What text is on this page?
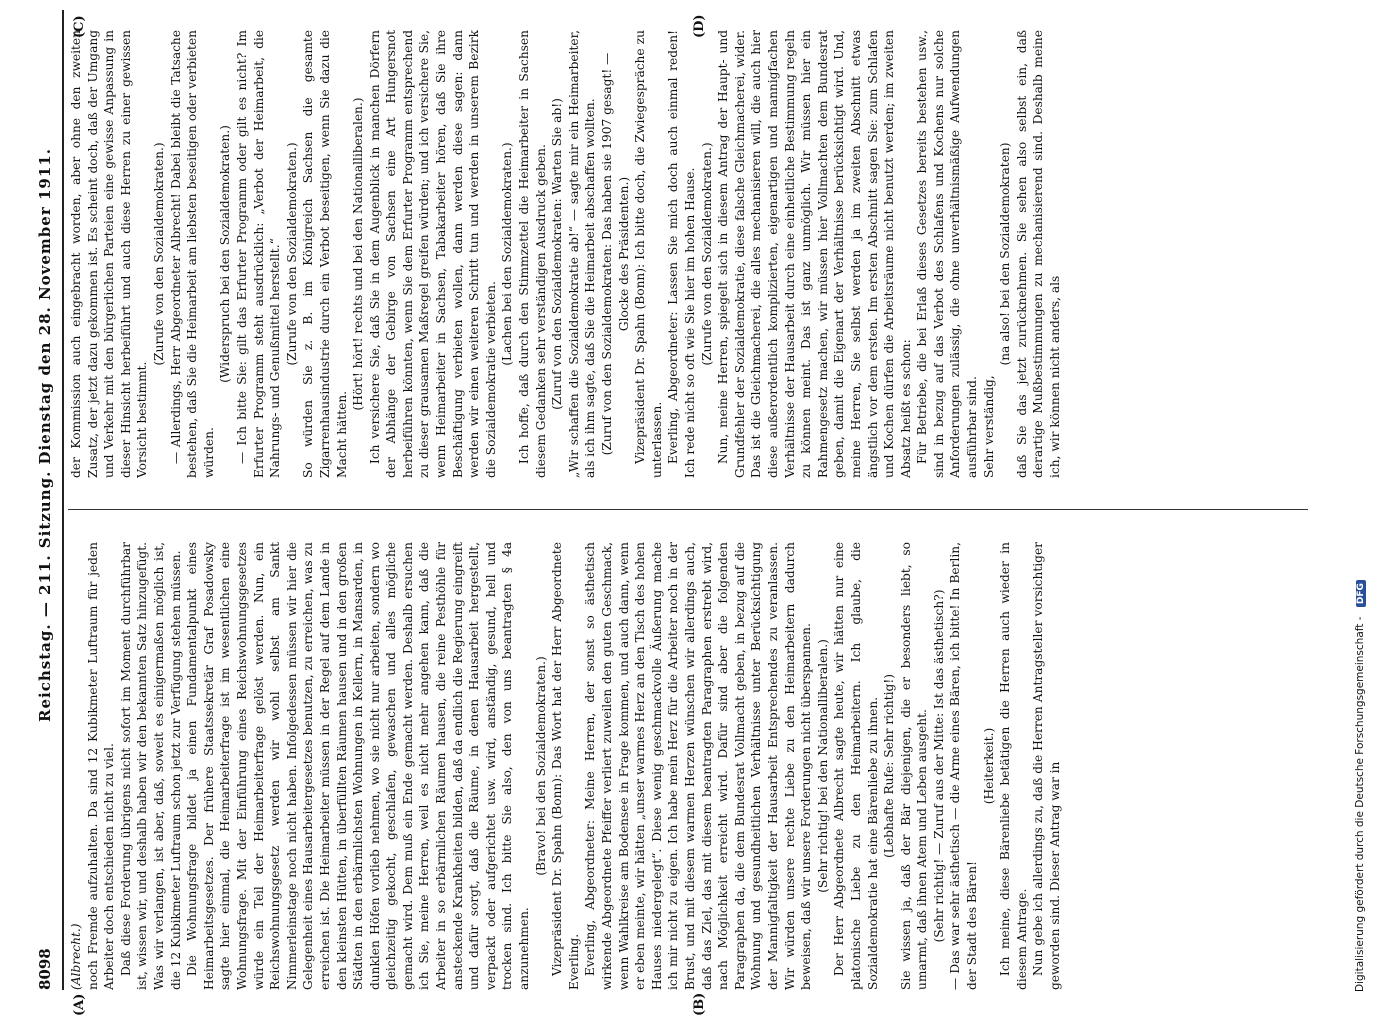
8098
Reichstag. — 211. Sitzung. Dienstag den 28. November 1911.

(Albrecht.) noch Fremde aufzuhalten. Da sind 12 Kubikmeter Luftraum für jeden Arbeiter doch entschieden nicht zu viel. Daß diese Forderung übrigens nicht sofort im Moment durchführbar ist, wissen wir, und deshalb haben wir den bekannten Satz hinzugefügt. Was wir verlangen, ist aber, daß, soweit es einigermaßen möglich ist, die 12 Kubikmeter Luftraum schon jetzt zur Verfügung stehen müssen. Die Wohnungsfrage bildet ja einen Fundamentalpunkt eines Heimarbeitsgesetzes. Der frühere Staatssekretär Graf Posadowsky sagte hier einmal, die Heimarbeiterfrage ist im wesentlichen eine Wohnungsfrage. Mit der Einführung eines Reichswohnungsgesetzes würde ein Teil der Heimarbeiterfrage gelöst werden. Nun, ein Reichswohnungsgesetz werden wir wohl selbst am Sankt Nimmerleinstage noch nicht haben. Infolgedessen müssen wir hier die Gelegenheit eines Hausarbeitergesetzes benutzen, zu erreichen, was zu erreichen ist. Die Heimarbeiter müssen in der Regel auf dem Lande in den kleinsten Hütten, in überfüllten Räumen hausen und in den großen Städten in den erbärmlichsten Wohnungen in Kellern, in Mansarden, in dunklen Höfen vorlieb nehmen, wo sie nicht nur arbeiten, sondern wo gleichzeitig gekocht, geschlafen, gewaschen und alles mögliche gemacht wird. Dem muß ein Ende gemacht werden. Deshalb ersuchen ich Sie, meine Herren, weil es nicht mehr angehen kann, daß die Arbeiter in so erbärmlichen Räumen hausen, die reine Pesthöhle für ansteckende Krankheiten bilden, daß da endlich die Regierung eingreift und dafür sorgt, daß die Räume, in denen Hausarbeit hergestellt, verpackt oder aufgerichtet usw. wird, anständig, gesund, hell und trocken sind. Ich bitte Sie also, den von uns beantragten § 4a anzunehmen.

(Bravo! bei den Sozialdemokraten.) Vizepräsident Dr. Spahn (Bonn): Das Wort hat der Herr Abgeordnete Everling. Everling, Abgeordneter: Meine Herren, der sonst so ästhetisch wirkende Abgeordnete Pfeiffer verliert zuweilen den guten Geschmack, wenn Wahlkreise am Bodensee in Frage kommen, und auch dann, wenn er eben meinte, wir hätten „unser warmes Herz an den Tisch des hohen Hauses niedergelegt“. Diese wenig geschmackvolle Äußerung mache ich mir nicht zu eigen. Ich habe mein Herz für die Arbeiter noch in der Brust, und mit diesem warmen Herzen wünschen wir allerdings auch, daß das Ziel, das mit diesem beantragten Paragraphen erstrebt wird, nach Möglichkeit erreicht wird. Dafür sind aber die folgenden Paragraphen da, die dem Bundesrat Vollmacht geben, in bezug auf die Wohnung und gesundheitlichen Verhältnisse unter Berücksichtigung der Mannigfaltigkeit der Hausarbeit Entsprechendes zu veranlassen. Wir würden unsere rechte Liebe zu den Heimarbeitern dadurch beweisen, daß wir unsere Forderungen nicht überspannen. (Sehr richtig! bei den Nationalliberalen.) Der Herr Abgeordnete Albrecht sagte heute, wir hätten nur eine platonische Liebe zu den Heimarbeitern. Ich glaube, die Sozialdemokratie hat eine Bärenliebe zu ihnen. (Lebhafte Rufe: Sehr richtig!) Sie wissen ja, daß der Bär diejenigen, die er besonders liebt, so umarmt, daß ihnen Atem und Leben ausgeht. (Sehr richtig! — Zuruf aus der Mitte: Ist das ästhetisch?) — Das war sehr ästhetisch — die Arme eines Bären, ich bitte! In Berlin, der Stadt des Bären!

(Heiterkeit.) Ich meine, diese Bärenliebe betätigen die Herren auch wieder in diesem Antrage. Nun gebe ich allerdings zu, daß die Herren Antragsteller vorsichtiger geworden sind. Dieser Antrag war in

der Kommission auch eingebracht worden, aber ohne den zweiten Zusatz, der jetzt dazu gekommen ist. Es scheint doch, daß der Umgang und Verkehr mit den bürgerlichen Parteien eine gewisse Anpassung in dieser Hinsicht herbeiführt und auch diese Herren zu einer gewissen Vorsicht bestimmt.

(Zurufe von den Sozialdemokraten.) — Allerdings, Herr Abgeordneter Albrecht! Dabei bleibt die Tatsache bestehen, daß Sie die Heimarbeit am liebsten beseitigen oder verbieten würden.

(Widerspruch bei den Sozialdemokraten.) — Ich bitte Sie: gilt das Erfurter Programm oder gilt es nicht? Im Erfurter Programm steht ausdrücklich: „Verbot der Heimarbeit, die Nahrungs- und Genußmittel herstellt.“ (Zurufe von den Sozialdemokraten.) So würden Sie z. B. im Königreich Sachsen die gesamte Zigarrenhausindustrie durch ein Verbot beseitigen, wenn Sie dazu die Macht hätten.

(Hört! hört! rechts und bei den Nationalliberalen.) Ich versichere Sie, daß Sie in dem Augenblick in manchen Dörfern der Abhänge der Gebirge von Sachsen eine Art Hungersnot herbeiführen könnten, wenn Sie dem Erfurter Programm entsprechend zu dieser grausamen Maßregel greifen würden; und ich versichere Sie, wenn Heimarbeiter in Sachsen, Tabakarbeiter hören, daß Sie ihre Beschäftigung verbieten wollen, dann werden diese sagen: dann werden wir einen weiteren Schritt tun und werden in unserem Bezirk die Sozialdemokratie verbieten.

(Lachen bei den Sozialdemokraten.) Ich hoffe, daß durch den Stimmzettel die Heimarbeiter in Sachsen diesem Gedanken sehr verständigen Ausdruck geben. (Zuruf von den Sozialdemokraten: Warten Sie ab!) „Wir schaffen die Sozialdemokratie ab!“ — sagte mir ein Heimarbeiter, als ich ihm sagte, daß Sie die Heimarbeit abschaffen wollten. (Zuruf von den Sozialdemokraten: Das haben sie 1907 gesagt! — Glocke des Präsidenten.) Vizepräsident Dr. Spahn (Bonn): Ich bitte doch, die Zwiegespräche zu unterlassen. Everling, Abgeordneter: Lassen Sie mich doch auch einmal reden! Ich rede nicht so oft wie Sie hier im hohen Hause. (Zurufe von den Sozialdemokraten.) Nun, meine Herren, spiegelt sich in diesem Antrag der Haupt- und Grundfehler der Sozialdemokratie, diese falsche Gleichmacherei, wider. Das ist die Gleichmacherei, die alles mechanisieren will, die auch hier diese außerordentlich komplizierten, eigenartigen und mannigfachen Verhältnisse der Hausarbeit durch eine einheitliche Bestimmung regeln zu können meint. Das ist ganz unmöglich. Wir müssen hier ein Rahmengesetz machen, wir müssen hier Vollmachten dem Bundesrat geben, damit die Eigenart der Verhältnisse berücksichtigt wird. Und, meine Herren, Sie selbst werden ja im zweiten Abschnitt etwas ängstlich vor dem ersten. Im ersten Abschnitt sagen Sie: zum Schlafen und Kochen dürfen die Arbeitsräume nicht benutzt werden; im zweiten Absatz heißt es schon: Für Betriebe, die bei Erlaß dieses Gesetzes bereits bestehen usw., sind in bezug auf das Verbot des Schlafens und Kochens nur solche Anforderungen zulässig, die ohne unverhältnismäßige Aufwendungen ausführbar sind. Sehr verständig,

(na also! bei den Sozialdemokraten) daß Sie das jetzt zurücknehmen. Sie sehen also selbst ein, daß derartige Mußbestimmungen zu mechanisierend sind. Deshalb meine ich, wir können nicht anders, als

(A)	(B)
(C)	(D)
Digitalisierung gefördert durch die Deutsche Forschungsgemeinschaft - DFG
